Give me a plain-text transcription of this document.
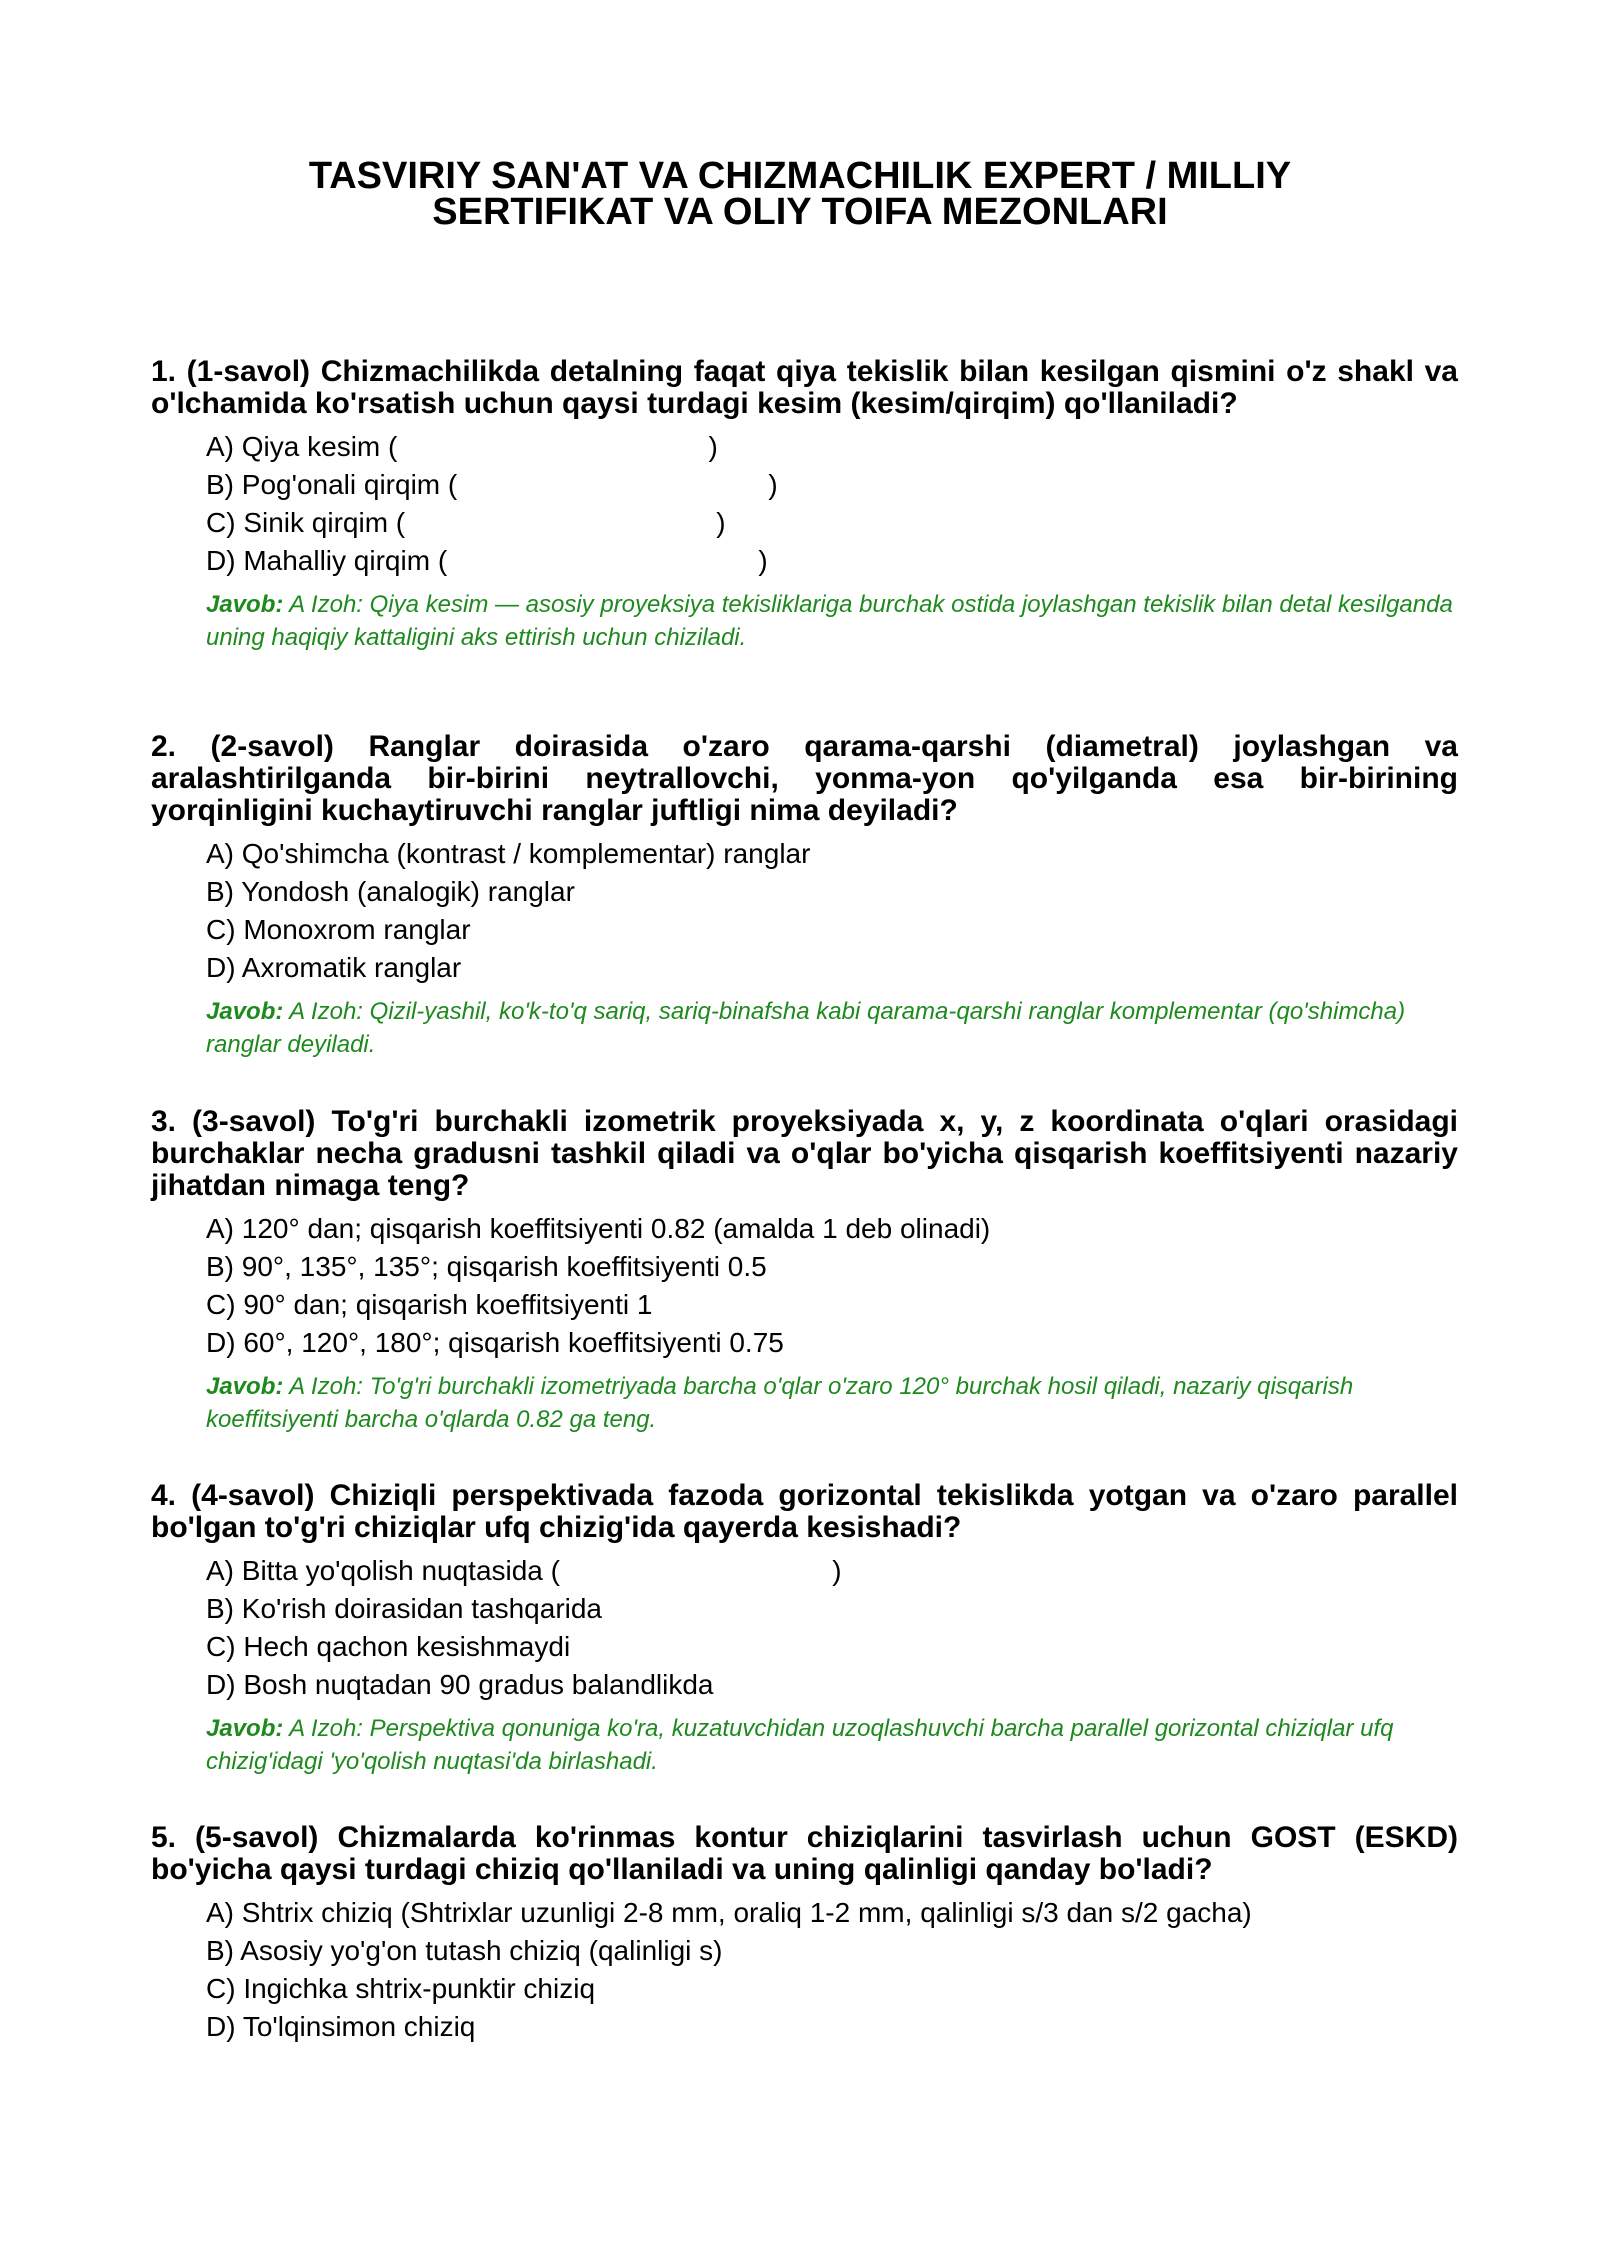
TASVIRIY SAN'AT VA CHIZMACHILIK EXPERT / MILLIY
SERTIFIKAT VA OLIY TOIFA MEZONLARI

1. (1-savol) Chizmachilikda detalning faqat qiya tekislik bilan kesilgan qismini o'z shakl va o'lchamida ko'rsatish uchun qaysi turdagi kesim (kesim/qirqim) qo'llaniladi?

A) Qiya kesim (                                        )
B) Pog'onali qirqim (                                        )
C) Sinik qirqim (                                        )
D) Mahalliy qirqim (                                        )
Javob: A Izoh: Qiya kesim — asosiy proyeksiya tekisliklariga burchak ostida joylashgan tekislik bilan detal kesilganda uning haqiqiy kattaligini aks ettirish uchun chiziladi.

2. (2-savol) Ranglar doirasida o'zaro qarama-qarshi (diametral) joylashgan va aralashtirilganda bir-birini neytrallovchi, yonma-yon qo'yilganda esa bir-birining yorqinligini kuchaytiruvchi ranglar juftligi nima deyiladi?

A) Qo'shimcha (kontrast / komplementar) ranglar
B) Yondosh (analogik) ranglar
C) Monoxrom ranglar
D) Axromatik ranglar
Javob: A Izoh: Qizil-yashil, ko'k-to'q sariq, sariq-binafsha kabi qarama-qarshi ranglar komplementar (qo'shimcha) ranglar deyiladi.

3. (3-savol) To'g'ri burchakli izometrik proyeksiyada x, y, z koordinata o'qlari orasidagi burchaklar necha gradusni tashkil qiladi va o'qlar bo'yicha qisqarish koeffitsiyenti nazariy jihatdan nimaga teng?

A) 120° dan; qisqarish koeffitsiyenti 0.82 (amalda 1 deb olinadi)
B) 90°, 135°, 135°; qisqarish koeffitsiyenti 0.5
C) 90° dan; qisqarish koeffitsiyenti 1
D) 60°, 120°, 180°; qisqarish koeffitsiyenti 0.75
Javob: A Izoh: To'g'ri burchakli izometriyada barcha o'qlar o'zaro 120° burchak hosil qiladi, nazariy qisqarish koeffitsiyenti barcha o'qlarda 0.82 ga teng.

4. (4-savol) Chiziqli perspektivada fazoda gorizontal tekislikda yotgan va o'zaro parallel bo'lgan to'g'ri chiziqlar ufq chizig'ida qayerda kesishadi?

A) Bitta yo'qolish nuqtasida (                                   )
B) Ko'rish doirasidan tashqarida
C) Hech qachon kesishmaydi
D) Bosh nuqtadan 90 gradus balandlikda
Javob: A Izoh: Perspektiva qonuniga ko'ra, kuzatuvchidan uzoqlashuvchi barcha parallel gorizontal chiziqlar ufq chizig'idagi 'yo'qolish nuqtasi'da birlashadi.

5. (5-savol) Chizmalarda ko'rinmas kontur chiziqlarini tasvirlash uchun GOST (ESKD) bo'yicha qaysi turdagi chiziq qo'llaniladi va uning qalinligi qanday bo'ladi?

A) Shtrix chiziq (Shtrixlar uzunligi 2-8 mm, oraliq 1-2 mm, qalinligi s/3 dan s/2 gacha)
B) Asosiy yo'g'on tutash chiziq (qalinligi s)
C) Ingichka shtrix-punktir chiziq
D) To'lqinsimon chiziq
